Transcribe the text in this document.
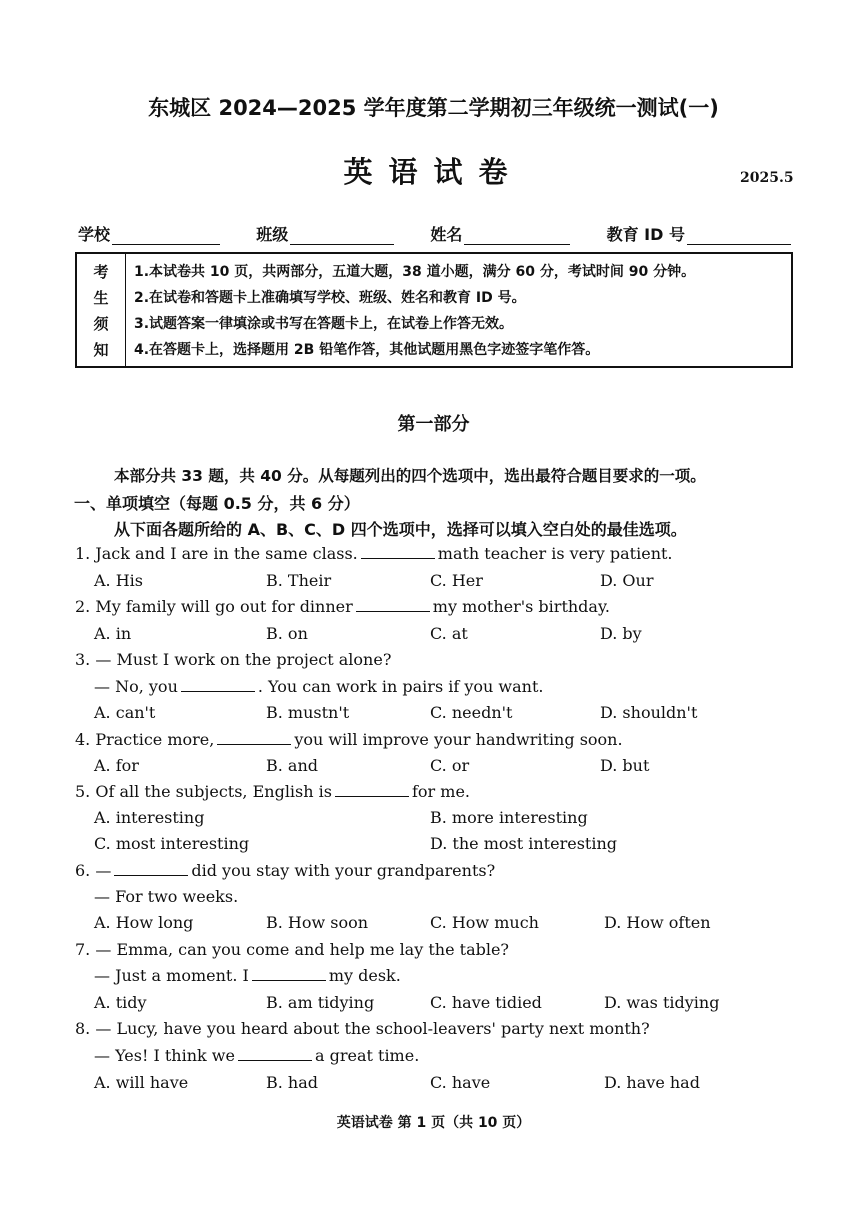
东城区 2024—2025 学年度第二学期初三年级统一测试(一)
英语试卷	2025.5
学校	班级	姓名	教育 ID 号
考
生
须
知
1.本试卷共 10 页，共两部分，五道大题，38 道小题，满分 60 分，考试时间 90 分钟。
2.在试卷和答题卡上准确填写学校、班级、姓名和教育 ID 号。
3.试题答案一律填涂或书写在答题卡上，在试卷上作答无效。
4.在答题卡上，选择题用 2B 铅笔作答，其他试题用黑色字迹签字笔作答。
第一部分
本部分共 33 题，共 40 分。从每题列出的四个选项中，选出最符合题目要求的一项。
一、单项填空（每题 0.5 分，共 6 分）
从下面各题所给的 A、B、C、D 四个选项中，选择可以填入空白处的最佳选项。
1. Jack and I are in the same class.	math teacher is very patient.
A. His	B. Their	C. Her	D. Our
2. My family will go out for dinner	my mother's birthday.
A. in	B. on	C. at	D. by
3. — Must I work on the project alone?
— No, you	. You can work in pairs if you want.
A. can't	B. mustn't	C. needn't	D. shouldn't
4. Practice more,	you will improve your handwriting soon.
A. for	B. and	C. or	D. but
5. Of all the subjects, English is	for me.
A. interesting	B. more interesting
C. most interesting	D. the most interesting
6. —	did you stay with your grandparents?
— For two weeks.
A. How long	B. How soon	C. How much	D. How often
7. — Emma, can you come and help me lay the table?
— Just a moment. I	my desk.
A. tidy	B. am tidying	C. have tidied	D. was tidying
8. — Lucy, have you heard about the school-leavers' party next month?
— Yes! I think we	a great time.
A. will have	B. had	C. have	D. have had
英语试卷 第 1 页（共 10 页）
